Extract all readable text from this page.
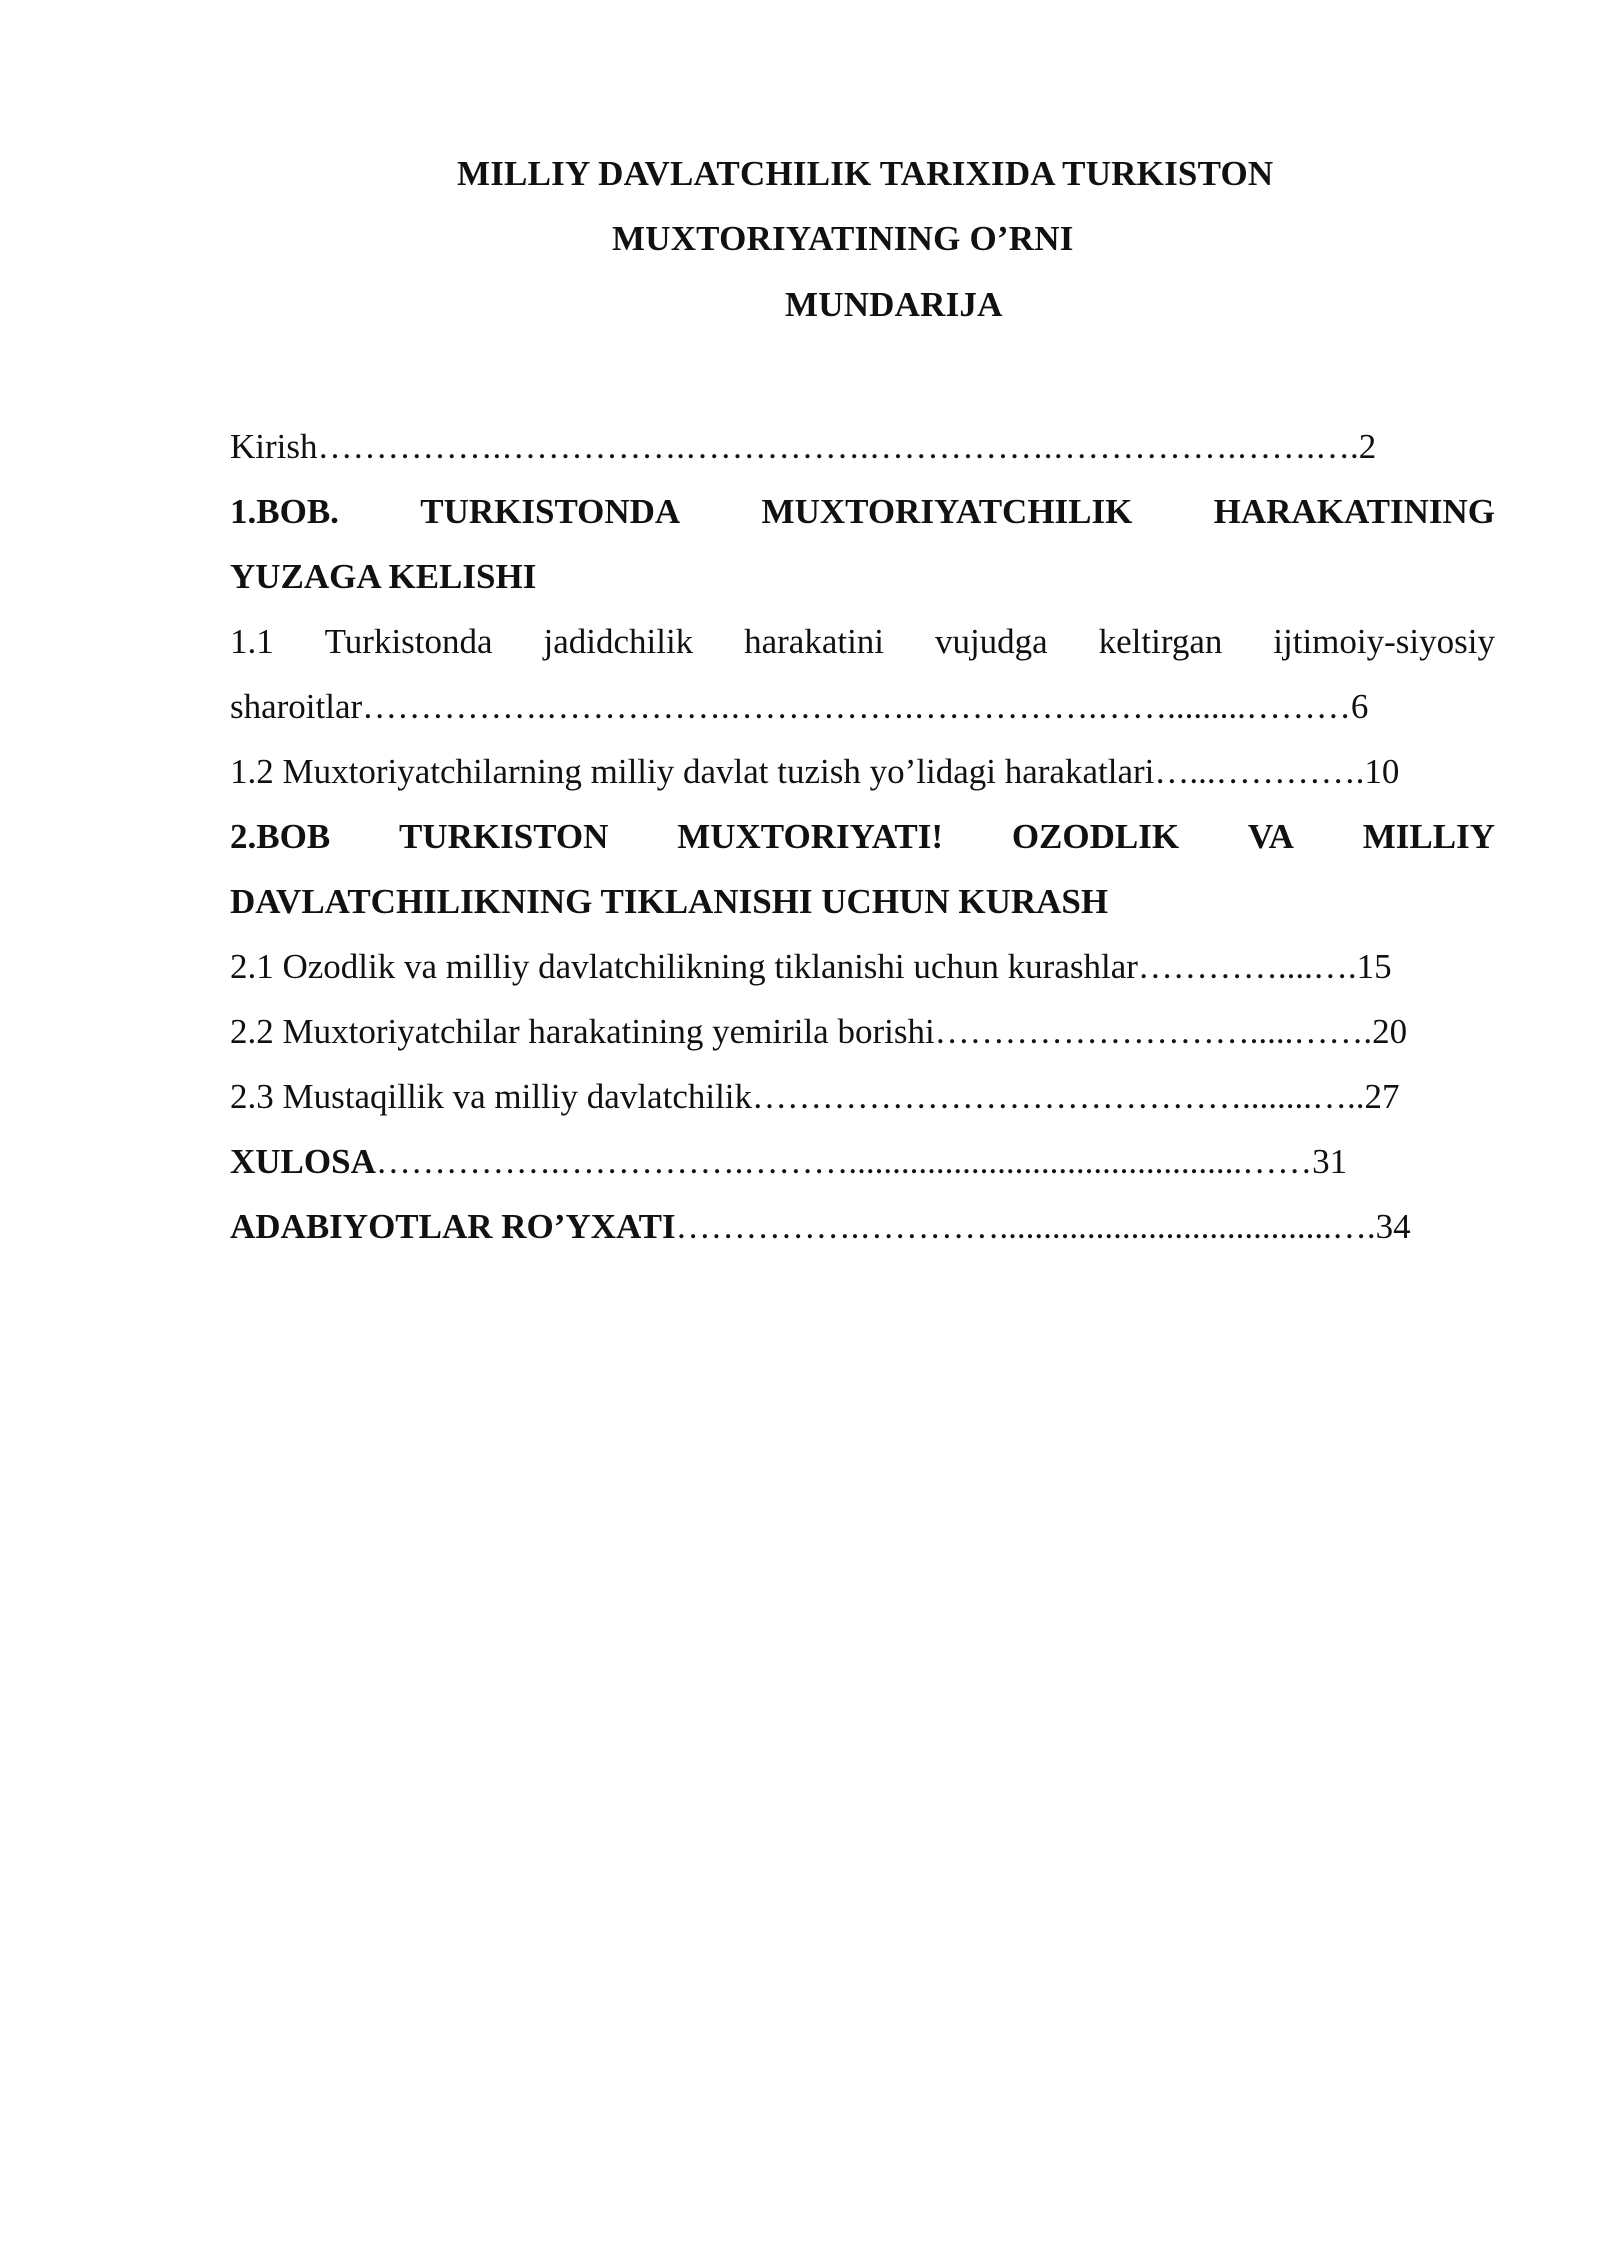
MILLIY DAVLATCHILIK TARIXIDA TURKISTON
MUXTORIYATINING O’RNI
MUNDARIJA
Kirish…………….…………….…………….…………….…………….…….….2
1.BOB. TURKISTONDA MUXTORIYATCHILIK HARAKATINING
YUZAGA KELISHI
1.1 Turkistonda jadidchilik harakatini vujudga keltirgan ijtimoiy-siyosiy
sharoitlar…………….…………….…………….…………….…….........………6
1.2 Muxtoriyatchilarning milliy davlat tuzish yo’lidagi harakatlari…...………….10
2.BOB TURKISTON MUXTORIYATI! OZODLIK VA MILLIY
DAVLATCHILIKNING TIKLANISHI UCHUN KURASH
2.1 Ozodlik va milliy davlatchilikning tiklanishi uchun kurashlar…………....….15
2.2 Muxtoriyatchilar harakatining yemirila borishi……………………….....…….20
2.3 Mustaqillik va milliy davlatchilik……………………………………........…..27
XULOSA…………….…………….……….............................................……31
ADABIYOTLAR RO’YXATI…………….…………......................................….34
